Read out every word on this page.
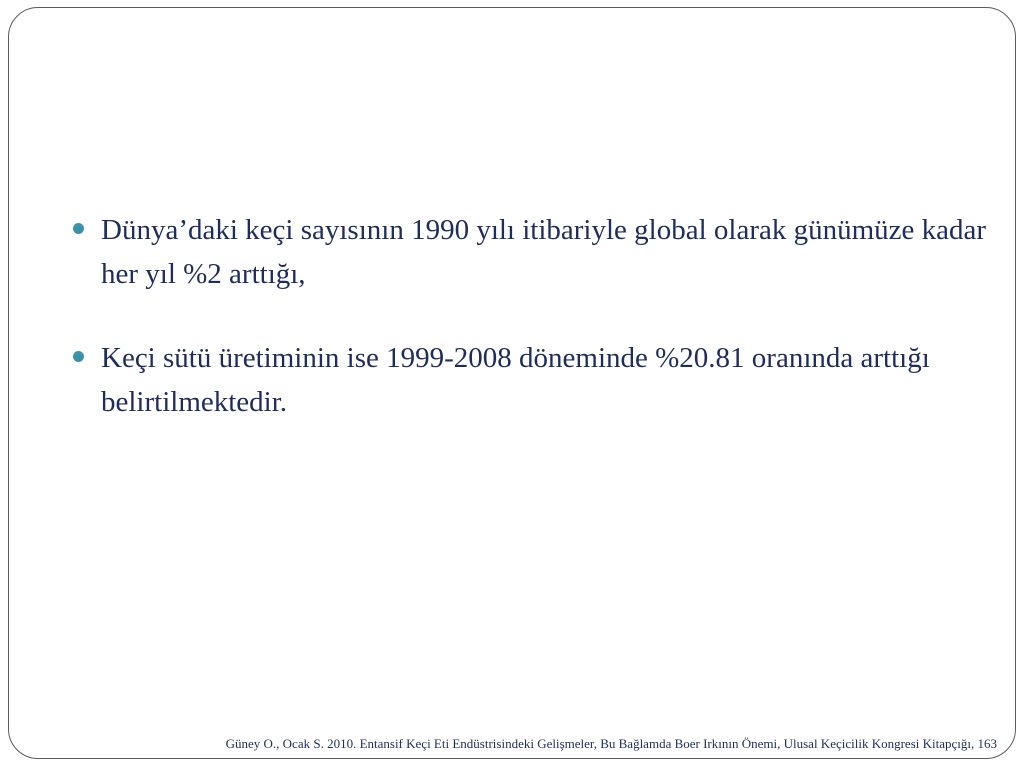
Dünya’daki keçi sayısının 1990 yılı itibariyle global olarak günümüze kadar her yıl %2 arttığı,
Keçi sütü üretiminin ise 1999-2008 döneminde %20.81 oranında arttığı belirtilmektedir.
Güney O., Ocak S. 2010. Entansif Keçi Eti Endüstrisindeki Gelişmeler, Bu Bağlamda Boer Irkının Önemi, Ulusal Keçicilik Kongresi Kitapçığı, 163
